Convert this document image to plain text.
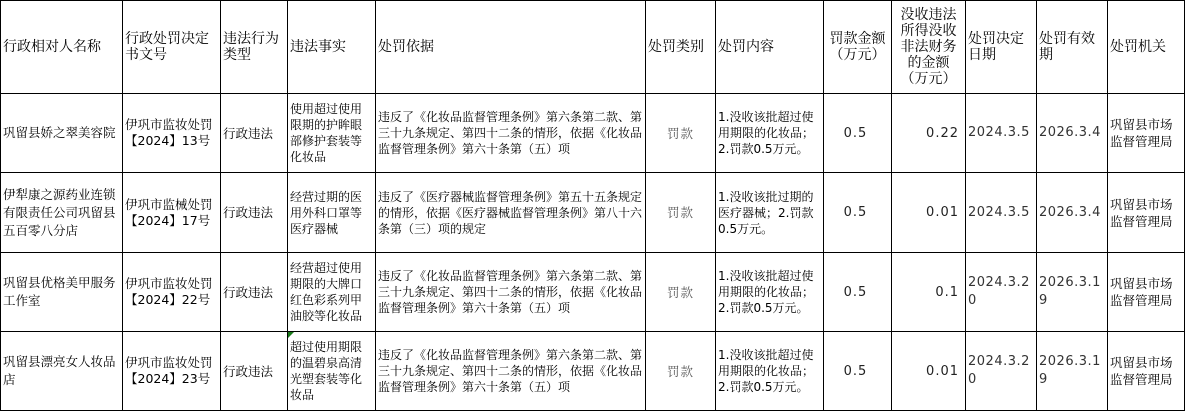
行政相对人名称	行政处罚决定书文号	违法行为类型	违法事实	处罚依据	处罚类别	处罚内容	罚款金额（万元）	没收违法所得没收非法财务的金额（万元）	处罚决定日期	处罚有效期	处罚机关
巩留县娇之翠美容院	伊巩市监妆处罚【2024】13号	行政违法	使用超过使用限期的护眸眼部修护套装等化妆品	违反了《化妆品监督管理条例》第六条第二款、第三十九条规定、第四十二条的情形，依据《化妆品监督管理条例》第六十条第（五）项	罚款	1.没收该批超过使用期限的化妆品；2.罚款0.5万元。	0.5	0.22	2024.3.5	2026.3.4	巩留县市场监督管理局
伊犁康之源药业连锁有限责任公司巩留县五百零八分店	伊巩市监械处罚【2024】17号	行政违法	经营过期的医用外科口罩等医疗器械	违反了《医疗器械监督管理条例》第五十五条规定的情形，依据《医疗器械监督管理条例》第八十六条第（三）项的规定	罚款	1.没收该批过期的医疗器械；2.罚款0.5万元。	0.5	0.01	2024.3.5	2026.3.4	巩留县市场监督管理局
巩留县优格美甲服务工作室	伊巩市监妆处罚【2024】22号	行政违法	经营超过使用期限的大牌口红色彩系列甲油胶等化妆品	违反了《化妆品监督管理条例》第六条第二款、第三十九条规定、第四十二条的情形，依据《化妆品监督管理条例》第六十条第（五）项	罚款	1.没收该批超过使用期限的化妆品；2.罚款0.5万元。	0.5	0.1	2024.3.20	2026.3.19	巩留县市场监督管理局
巩留县漂亮女人妆品店	伊巩市监妆处罚【2024】23号	行政违法	超过使用期限的温碧泉高清光塑套装等化妆品	违反了《化妆品监督管理条例》第六条第二款、第三十九条规定、第四十二条的情形，依据《化妆品监督管理条例》第六十条第（五）项	罚款	1.没收该批超过使用期限的化妆品；2.罚款0.5万元。	0.5	0.01	2024.3.20	2026.3.19	巩留县市场监督管理局
